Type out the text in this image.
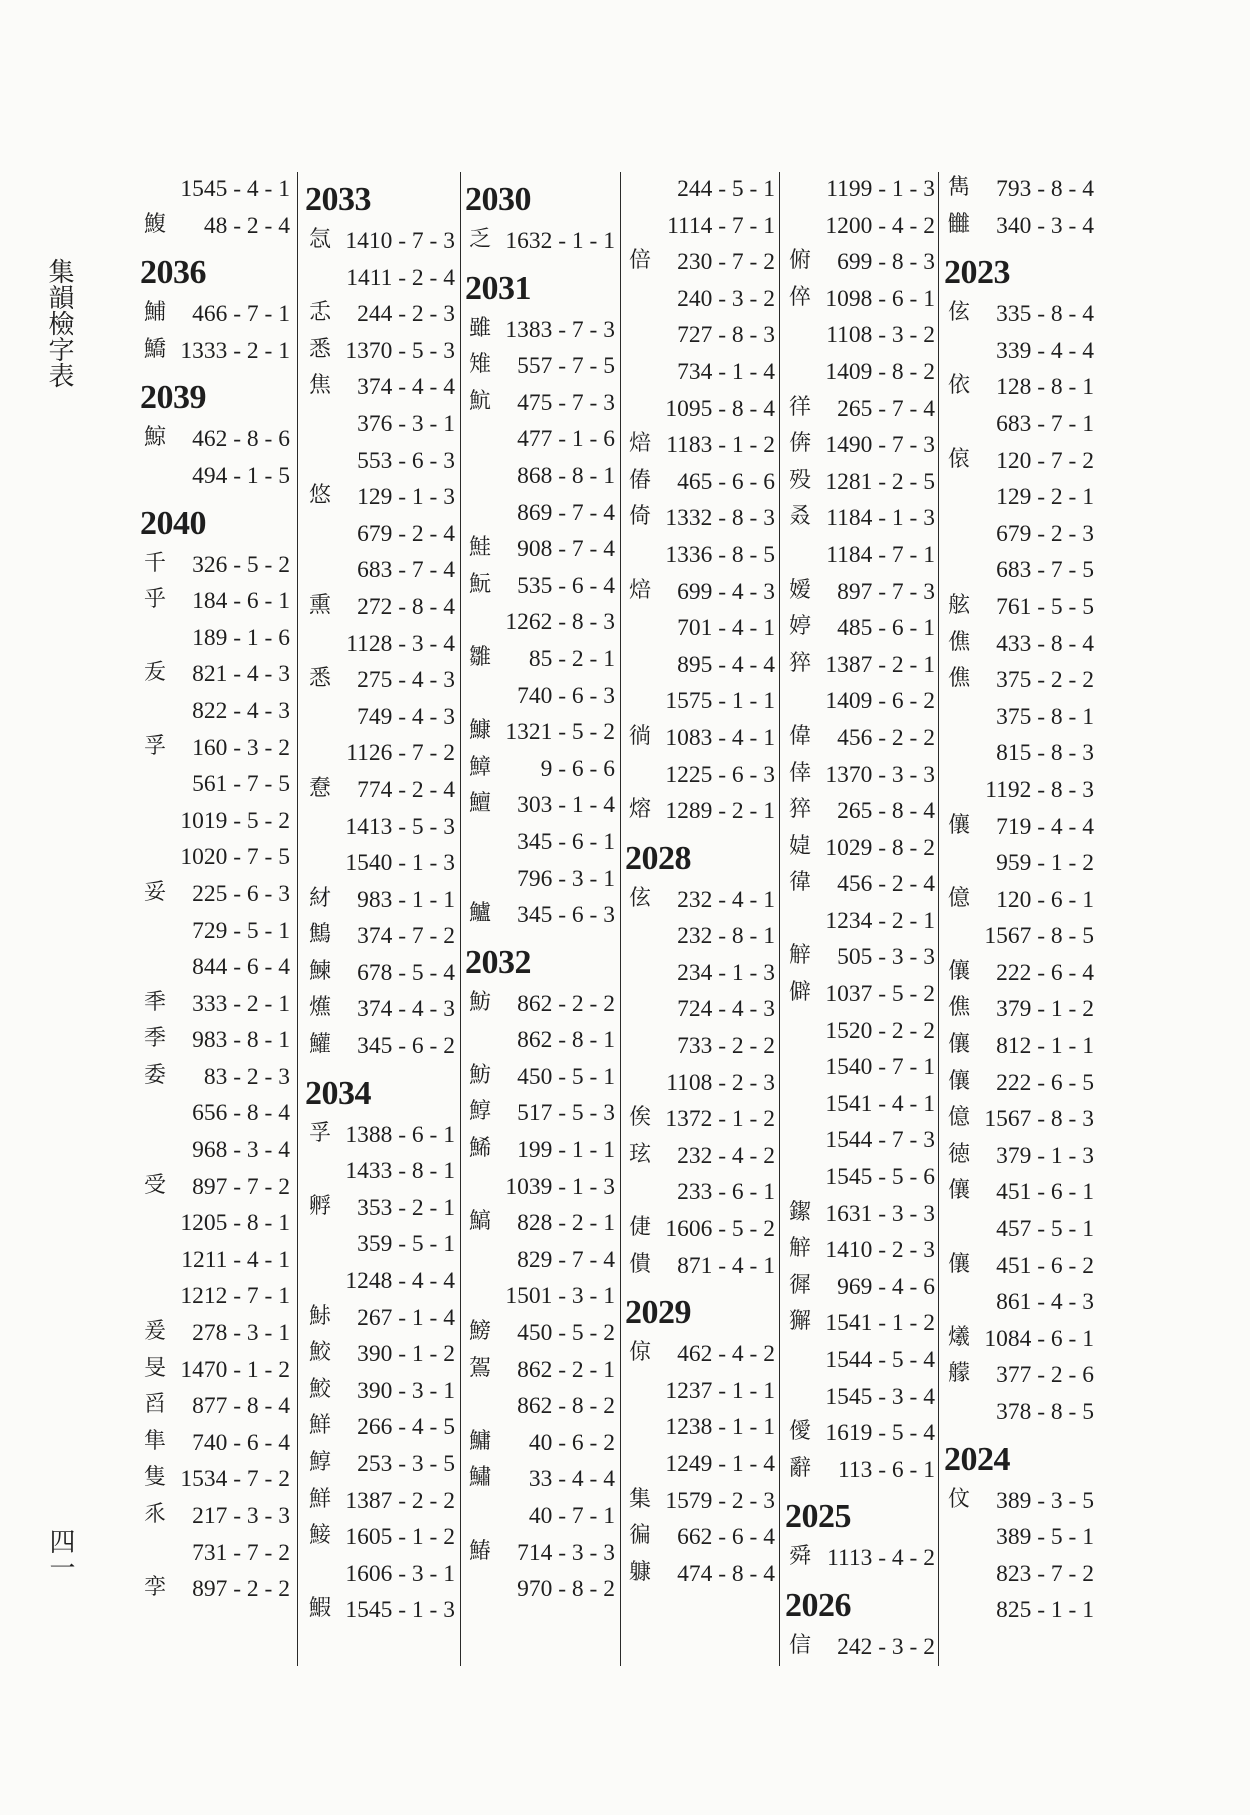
集韻檢字表
四一
1545 - 4 - 1
鰒 48 - 2 - 4
2036
鯆 466 - 7 - 1
鱎 1333 - 2 - 1
2039
鯨 462 - 8 - 6
494 - 1 - 5
2040
千 326 - 5 - 2
乎 184 - 6 - 1
189 - 1 - 6
叐 821 - 4 - 3
822 - 4 - 3
孚 160 - 3 - 2
561 - 7 - 5
1019 - 5 - 2
1020 - 7 - 5
妥 225 - 6 - 3
729 - 5 - 1
844 - 6 - 4
秊 333 - 2 - 1
季 983 - 8 - 1
委 83 - 2 - 3
656 - 8 - 4
968 - 3 - 4
受 897 - 7 - 2
1205 - 8 - 1
1211 - 4 - 1
1212 - 7 - 1
爰 278 - 3 - 1
旻 1470 - 1 - 2
舀 877 - 8 - 4
隼 740 - 6 - 4
隻 1534 - 7 - 2
乑 217 - 3 - 3
731 - 7 - 2
孪 897 - 2 - 2
2033
忥 1410 - 7 - 3
1411 - 2 - 4
忎 244 - 2 - 3
悉 1370 - 5 - 3
焦 374 - 4 - 4
376 - 3 - 1
553 - 6 - 3
悠 129 - 1 - 3
679 - 2 - 4
683 - 7 - 4
熏 272 - 8 - 4
1128 - 3 - 4
悉 275 - 4 - 3
749 - 4 - 3
1126 - 7 - 2
憃 774 - 2 - 4
1413 - 5 - 3
1540 - 1 - 3
䊷 983 - 1 - 1
鷦 374 - 7 - 2
鰊 678 - 5 - 4
爑 374 - 4 - 3
鱹 345 - 6 - 2
2034
孚 1388 - 6 - 1
1433 - 8 - 1
孵 353 - 2 - 1
359 - 5 - 1
1248 - 4 - 4
鮛 267 - 1 - 4
鮫 390 - 1 - 2
鮫 390 - 3 - 1
鮮 266 - 4 - 5
鯙 253 - 3 - 5
鮮 1387 - 2 - 2
鯜 1605 - 1 - 2
1606 - 3 - 1
鰕 1545 - 1 - 3
2030
乏 1632 - 1 - 1
2031
雖 1383 - 7 - 3
雉 557 - 7 - 5
魧 475 - 7 - 3
477 - 1 - 6
868 - 8 - 1
869 - 7 - 4
鮭 908 - 7 - 4
魭 535 - 6 - 4
1262 - 8 - 3
雛 85 - 2 - 1
740 - 6 - 3
鱇 1321 - 5 - 2
鱆 9 - 6 - 6
鱣 303 - 1 - 4
345 - 6 - 1
796 - 3 - 1
鱸 345 - 6 - 3
2032
魴 862 - 2 - 2
862 - 8 - 1
魴 450 - 5 - 1
鯙 517 - 5 - 3
鯑 199 - 1 - 1
1039 - 1 - 3
鰝 828 - 2 - 1
829 - 7 - 4
1501 - 3 - 1
鰟 450 - 5 - 2
鴐 862 - 2 - 1
862 - 8 - 2
鱅 40 - 6 - 2
鱐 33 - 4 - 4
40 - 7 - 1
鰆 714 - 3 - 3
970 - 8 - 2
244 - 5 - 1
1114 - 7 - 1
倍 230 - 7 - 2
240 - 3 - 2
727 - 8 - 3
734 - 1 - 4
1095 - 8 - 4
焙 1183 - 1 - 2
偆 465 - 6 - 6
倚 1332 - 8 - 3
1336 - 8 - 5
焙 699 - 4 - 3
701 - 4 - 1
895 - 4 - 4
1575 - 1 - 1
徜 1083 - 4 - 1
1225 - 6 - 3
熔 1289 - 2 - 1
2028
伭 232 - 4 - 1
232 - 8 - 1
234 - 1 - 3
724 - 4 - 3
733 - 2 - 2
1108 - 2 - 3
俟 1372 - 1 - 2
玹 232 - 4 - 2
233 - 6 - 1
倢 1606 - 5 - 2
僓 871 - 4 - 1
2029
倞 462 - 4 - 2
1237 - 1 - 1
1238 - 1 - 1
1249 - 1 - 4
集 1579 - 2 - 3
徧 662 - 6 - 4
躿 474 - 8 - 4
1199 - 1 - 3
1200 - 4 - 2
俯 699 - 8 - 3
倅 1098 - 6 - 1
1108 - 3 - 2
1409 - 8 - 2
徉 265 - 7 - 4
倴 1490 - 7 - 3
殁 1281 - 2 - 5
叒 1184 - 1 - 3
1184 - 7 - 1
嫒 897 - 7 - 3
婷 485 - 6 - 1
猝 1387 - 2 - 1
1409 - 6 - 2
偉 456 - 2 - 2
倖 1370 - 3 - 3
猝 265 - 8 - 4
媫 1029 - 8 - 2
徫 456 - 2 - 4
1234 - 2 - 1
觪 505 - 3 - 3
僻 1037 - 5 - 2
1520 - 2 - 2
1540 - 7 - 1
1541 - 4 - 1
1544 - 7 - 3
1545 - 5 - 6
䥛 1631 - 3 - 3
觪 1410 - 2 - 3
徲 969 - 4 - 6
獬 1541 - 1 - 2
1544 - 5 - 4
1545 - 3 - 4
僾 1619 - 5 - 4
辭 113 - 6 - 1
2025
舜 1113 - 4 - 2
2026
信 242 - 3 - 2
雋 793 - 8 - 4
雦 340 - 3 - 4
2023
伭 335 - 8 - 4
339 - 4 - 4
依 128 - 8 - 1
683 - 7 - 1
偯 120 - 7 - 2
129 - 2 - 1
679 - 2 - 3
683 - 7 - 5
舷 761 - 5 - 5
僬 433 - 8 - 4
僬 375 - 2 - 2
375 - 8 - 1
815 - 8 - 3
1192 - 8 - 3
儴 719 - 4 - 4
959 - 1 - 2
億 120 - 6 - 1
1567 - 8 - 5
儴 222 - 6 - 4
僬 379 - 1 - 2
儴 812 - 1 - 1
儴 222 - 6 - 5
億 1567 - 8 - 3
徳 379 - 1 - 3
儴 451 - 6 - 1
457 - 5 - 1
儴 451 - 6 - 2
861 - 4 - 3
爔 1084 - 6 - 1
艨 377 - 2 - 6
378 - 8 - 5
2024
伩 389 - 3 - 5
389 - 5 - 1
823 - 7 - 2
825 - 1 - 1
